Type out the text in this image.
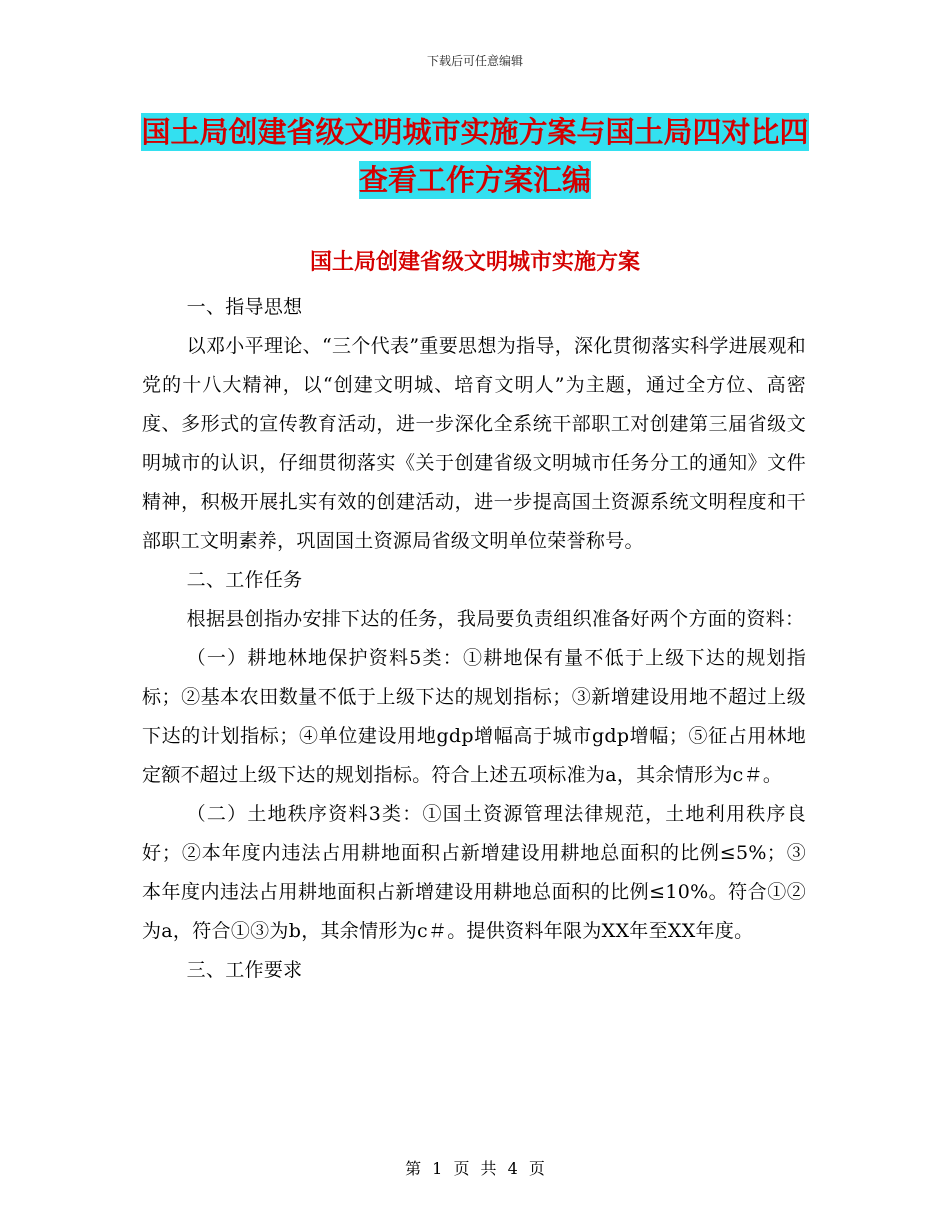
下载后可任意编辑
国土局创建省级文明城市实施方案与国土局四对比四
查看工作方案汇编
国土局创建省级文明城市实施方案

一、指导思想

以邓小平理论、“三个代表”重要思想为指导，深化贯彻落实科学进展观和党的十八大精神，以“创建文明城、培育文明人”为主题，通过全方位、高密度、多形式的宣传教育活动，进一步深化全系统干部职工对创建第三届省级文明城市的认识，仔细贯彻落实《关于创建省级文明城市任务分工的通知》文件精神，积极开展扎实有效的创建活动，进一步提高国土资源系统文明程度和干部职工文明素养，巩固国土资源局省级文明单位荣誉称号。

二、工作任务

根据县创指办安排下达的任务，我局要负责组织准备好两个方面的资料：

（一）耕地林地保护资料5类：①耕地保有量不低于上级下达的规划指标；②基本农田数量不低于上级下达的规划指标；③新增建设用地不超过上级下达的计划指标；④单位建设用地gdp增幅高于城市gdp增幅；⑤征占用林地定额不超过上级下达的规划指标。符合上述五项标准为a，其余情形为c＃。

（二）土地秩序资料3类：①国土资源管理法律规范，土地利用秩序良好；②本年度内违法占用耕地面积占新增建设用耕地总面积的比例≤5%；③本年度内违法占用耕地面积占新增建设用耕地总面积的比例≤10%。符合①②为a，符合①③为b，其余情形为c＃。提供资料年限为XX年至XX年度。

三、工作要求

第 1 页 共 4 页
